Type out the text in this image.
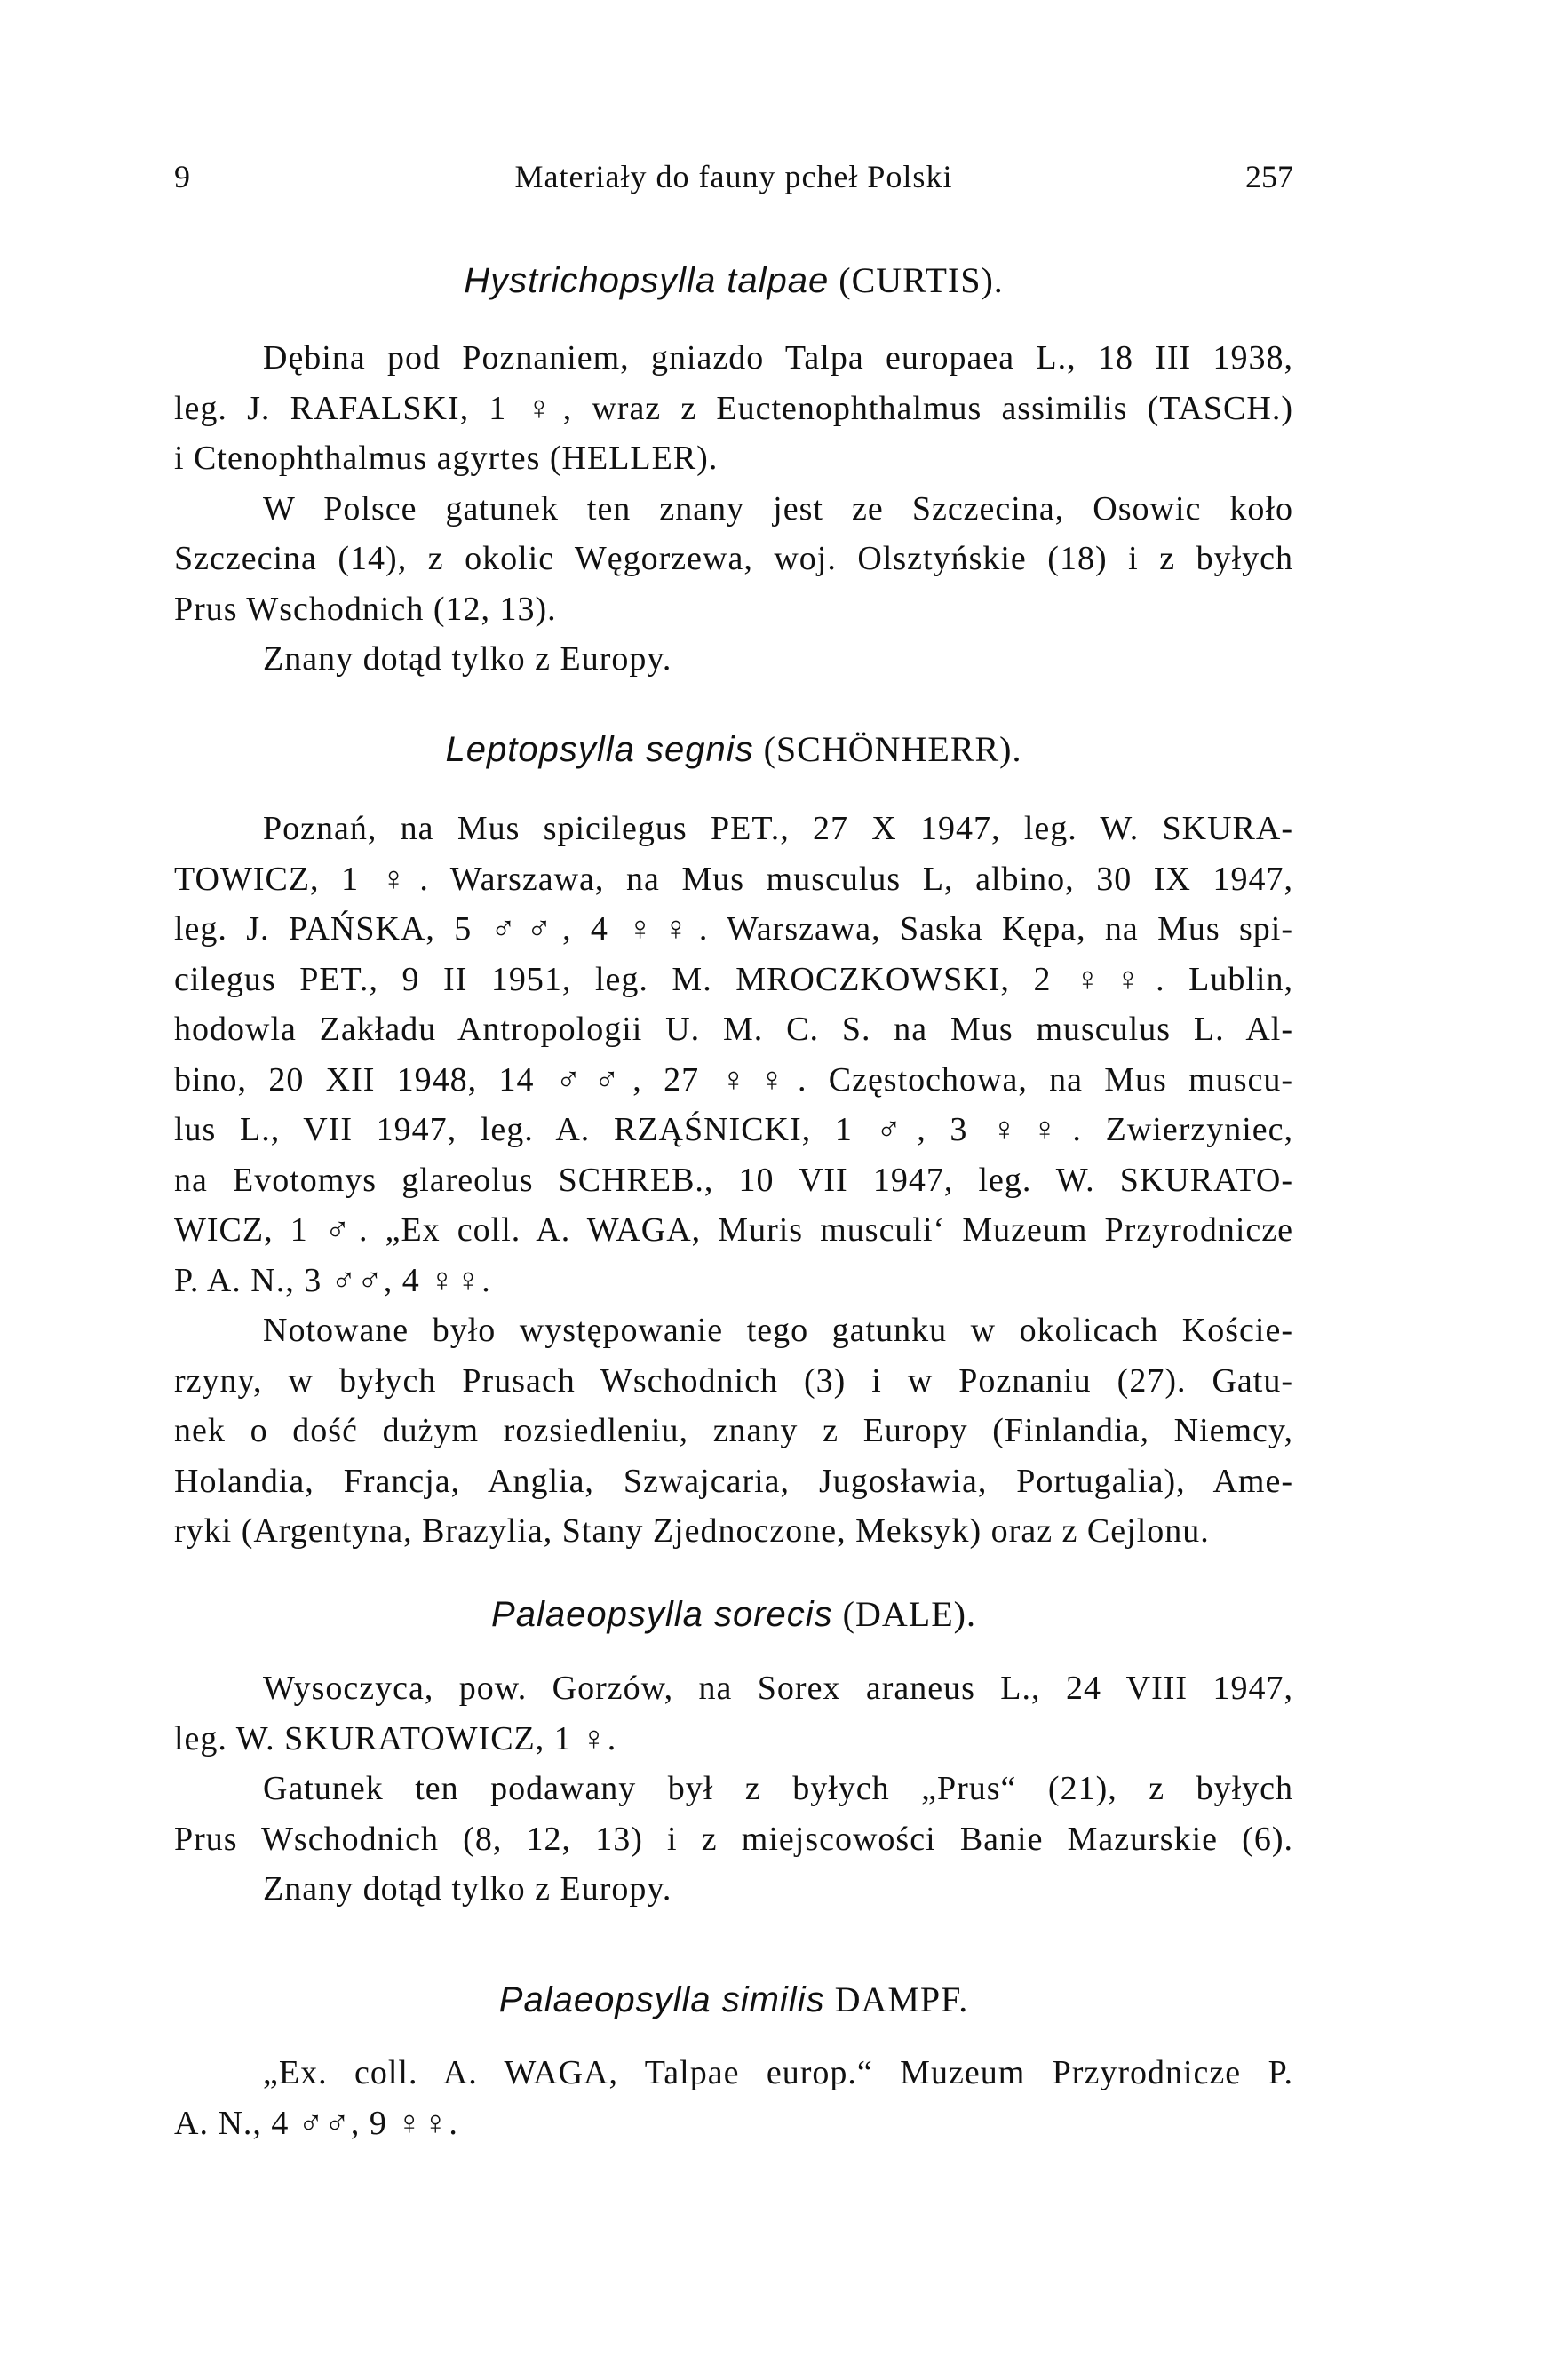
9	Materiały do fauny pcheł Polski	257
Hystrichopsylla talpae (CURTIS).
Dębina pod Poznaniem, gniazdo Talpa europaea L., 18 III 1938,
leg. J. RAFALSKI, 1 ♀, wraz z Euctenophthalmus assimilis (TASCH.)
i Ctenophthalmus agyrtes (HELLER).
W Polsce gatunek ten znany jest ze Szczecina, Osowic koło
Szczecina (14), z okolic Węgorzewa, woj. Olsztyńskie (18) i z byłych
Prus Wschodnich (12, 13).
Znany dotąd tylko z Europy.
Leptopsylla segnis (SCHÖNHERR).
Poznań, na Mus spicilegus PET., 27 X 1947, leg. W. SKURA-
TOWICZ, 1 ♀. Warszawa, na Mus musculus L, albino, 30 IX 1947,
leg. J. PAŃSKA, 5 ♂♂, 4 ♀♀. Warszawa, Saska Kępa, na Mus spi-
cilegus PET., 9 II 1951, leg. M. MROCZKOWSKI, 2 ♀♀. Lublin,
hodowla Zakładu Antropologii U. M. C. S. na Mus musculus L. Al-
bino, 20 XII 1948, 14 ♂♂, 27 ♀♀. Częstochowa, na Mus muscu-
lus L., VII 1947, leg. A. RZĄŚNICKI, 1 ♂, 3 ♀♀. Zwierzyniec,
na Evotomys glareolus SCHREB., 10 VII 1947, leg. W. SKURATO-
WICZ, 1 ♂. „Ex coll. A. WAGA, Muris musculi‘ Muzeum Przyrodnicze
P. A. N., 3 ♂♂, 4 ♀♀.
Notowane było występowanie tego gatunku w okolicach Koście-
rzyny, w byłych Prusach Wschodnich (3) i w Poznaniu (27). Gatu-
nek o dość dużym rozsiedleniu, znany z Europy (Finlandia, Niemcy,
Holandia, Francja, Anglia, Szwajcaria, Jugosławia, Portugalia), Ame-
ryki (Argentyna, Brazylia, Stany Zjednoczone, Meksyk) oraz z Cejlonu.
Palaeopsylla sorecis (DALE).
Wysoczyca, pow. Gorzów, na Sorex araneus L., 24 VIII 1947,
leg. W. SKURATOWICZ, 1 ♀.
Gatunek ten podawany był z byłych „Prus“ (21), z byłych
Prus Wschodnich (8, 12, 13) i z miejscowości Banie Mazurskie (6).
Znany dotąd tylko z Europy.
Palaeopsylla similis DAMPF.
„Ex. coll. A. WAGA, Talpae europ.“ Muzeum Przyrodnicze P.
A. N., 4 ♂♂, 9 ♀♀.
